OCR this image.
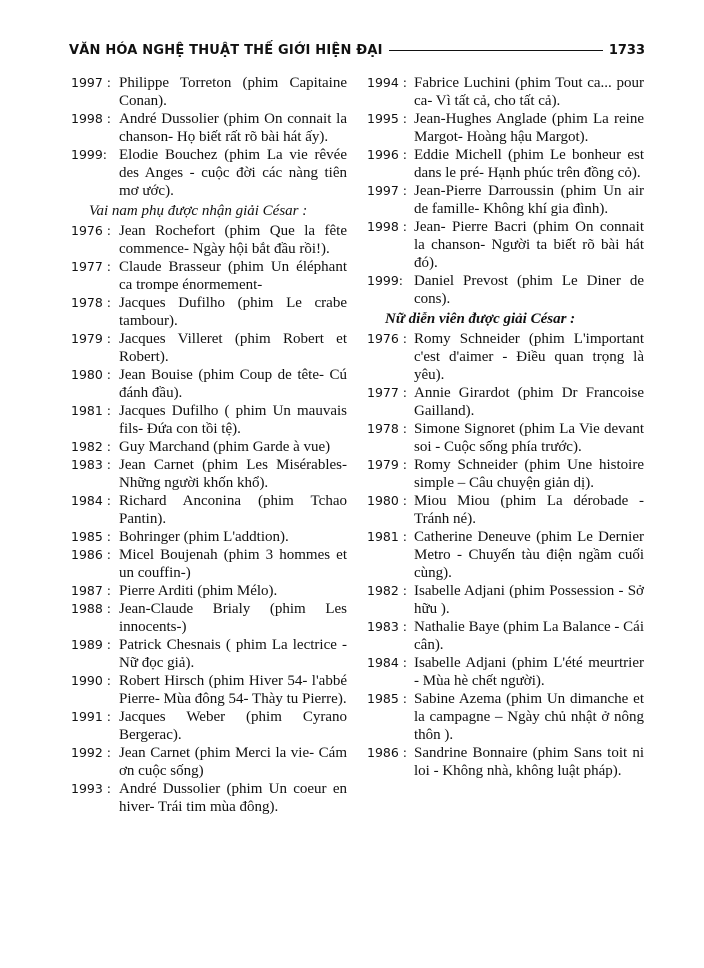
VĂN HÓA NGHỆ THUẬT THẾ GIỚI HIỆN ĐẠI	1733
1997 : Philippe Torreton (phim Capitaine Conan).
1998 : André Dussolier (phim On connait la chanson- Họ biết rất rõ bài hát ấy).
1999: Elodie Bouchez (phim La vie rêvée des Anges - cuộc đời các nàng tiên mơ ước).
Vai nam phụ được nhận giải César :
1976 : Jean Rochefort (phim Que la fête commence- Ngày hội bắt đầu rồi!).
1977 : Claude Brasseur (phim Un éléphant ca trompe énormement-
1978 : Jacques Dufilho (phim Le crabe tambour).
1979 : Jacques Villeret (phim Robert et Robert).
1980 : Jean Bouise (phim Coup de tête- Cú đánh đầu).
1981 : Jacques Dufilho ( phim Un mauvais fils- Đứa con tồi tệ).
1982 : Guy Marchand (phim Garde à vue)
1983 : Jean Carnet (phim Les Misérables- Những người khốn khổ).
1984 : Richard Anconina (phim Tchao Pantin).
1985 : Bohringer (phim L'addtion).
1986 : Micel Boujenah (phim 3 hommes et un couffin-)
1987 : Pierre Arditi (phim Mélo).
1988 : Jean-Claude Brialy (phim Les innocents-)
1989 : Patrick Chesnais ( phim La lectrice - Nữ đọc giả).
1990 : Robert Hirsch (phim Hiver 54- l'abbé Pierre- Mùa đông 54- Thày tu Pierre).
1991 : Jacques Weber (phim Cyrano Bergerac).
1992 : Jean Carnet (phim Merci la vie- Cám ơn cuộc sống)
1993 : André Dussolier (phim Un coeur en hiver- Trái tim mùa đông).
1994 : Fabrice Luchini (phim Tout ca... pour ca- Vì tất cả, cho tất cả).
1995 : Jean-Hughes Anglade (phim La reine Margot- Hoàng hậu Margot).
1996 : Eddie Michell (phim Le bonheur est dans le pré- Hạnh phúc trên đồng cỏ).
1997 : Jean-Pierre Darroussin (phim Un air de famille- Không khí gia đình).
1998 : Jean- Pierre Bacri (phim On connait la chanson- Người ta biết rõ bài hát đó).
1999: Daniel Prevost (phim Le Diner de cons).
Nữ diễn viên được giải César :
1976 : Romy Schneider (phim L'important c'est d'aimer - Điều quan trọng là yêu).
1977 : Annie Girardot (phim Dr Francoise Gailland).
1978 : Simone Signoret (phim La Vie devant soi - Cuộc sống phía trước).
1979 : Romy Schneider (phim Une histoire simple – Câu chuyện giản dị).
1980 : Miou Miou (phim La dérobade - Tránh né).
1981 : Catherine Deneuve (phim Le Dernier Metro - Chuyến tàu điện ngầm cuối cùng).
1982 : Isabelle Adjani (phim Possession - Sở hữu ).
1983 : Nathalie Baye (phim La Balance - Cái cân).
1984 : Isabelle Adjani (phim L'été meurtrier - Mùa hè chết người).
1985 : Sabine Azema (phim Un dimanche et la campagne – Ngày chủ nhật ở nông thôn ).
1986 : Sandrine Bonnaire (phim Sans toit ni loi - Không nhà, không luật pháp).
